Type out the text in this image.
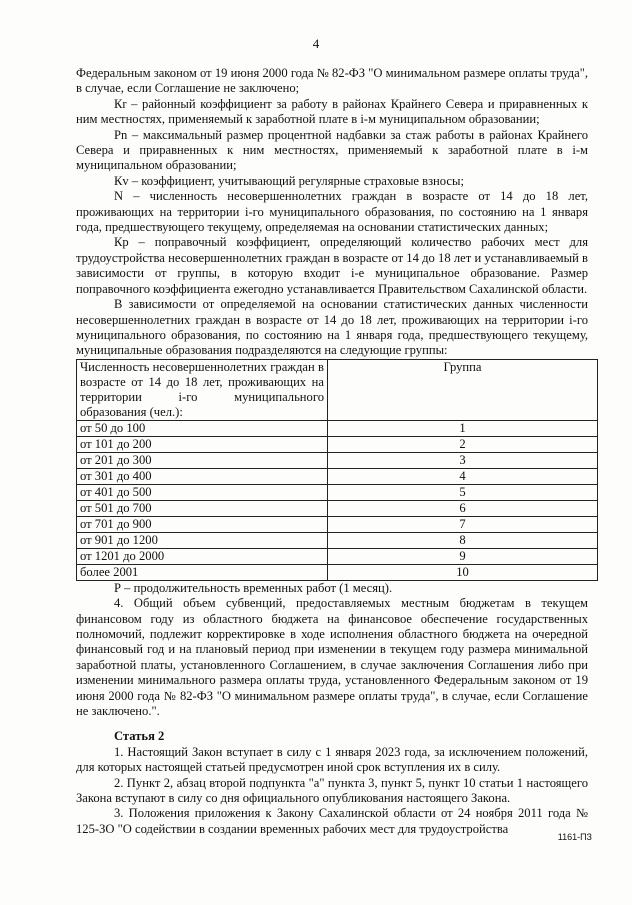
4

Федеральным законом от 19 июня 2000 года № 82-ФЗ "О минимальном размере оплаты труда", в случае, если Соглашение не заключено;

Кr – районный коэффициент за работу в районах Крайнего Севера и приравненных к ним местностях, применяемый к заработной плате в i-м муниципальном образовании;

Рn – максимальный размер процентной надбавки за стаж работы в районах Крайнего Севера и приравненных к ним местностях, применяемый к заработной плате в i-м муниципальном образовании;

Кv – коэффициент, учитывающий регулярные страховые взносы;

N – численность несовершеннолетних граждан в возрасте от 14 до 18 лет, проживающих на территории i-го муниципального образования, по состоянию на 1 января года, предшествующего текущему, определяемая на основании статистических данных;

Кр – поправочный коэффициент, определяющий количество рабочих мест для трудоустройства несовершеннолетних граждан в возрасте от 14 до 18 лет и устанавливаемый в зависимости от группы, в которую входит i-е муниципальное образование. Размер поправочного коэффициента ежегодно устанавливается Правительством Сахалинской области.

В зависимости от определяемой на основании статистических данных численности несовершеннолетних граждан в возрасте от 14 до 18 лет, проживающих на территории i-го муниципального образования, по состоянию на 1 января года, предшествующего текущему, муниципальные образования подразделяются на следующие группы:

Численность несовершеннолетних граждан в возрасте от 14 до 18 лет, проживающих на территории i-го муниципального образования (чел.):	Группа
от 50 до 100	1
от 101 до 200	2
от 201 до 300	3
от 301 до 400	4
от 401 до 500	5
от 501 до 700	6
от 701 до 900	7
от 901 до 1200	8
от 1201 до 2000	9
более 2001	10

Р – продолжительность временных работ (1 месяц).

4. Общий объем субвенций, предоставляемых местным бюджетам в текущем финансовом году из областного бюджета на финансовое обеспечение государственных полномочий, подлежит корректировке в ходе исполнения областного бюджета на очередной финансовый год и на плановый период при изменении в текущем году размера минимальной заработной платы, установленного Соглашением, в случае заключения Соглашения либо при изменении минимального размера оплаты труда, установленного Федеральным законом от 19 июня 2000 года № 82-ФЗ "О минимальном размере оплаты труда", в случае, если Соглашение не заключено.".

Статья 2

1. Настоящий Закон вступает в силу с 1 января 2023 года, за исключением положений, для которых настоящей статьей предусмотрен иной срок вступления их в силу.

2. Пункт 2, абзац второй подпункта "а" пункта 3, пункт 5, пункт 10 статьи 1 настоящего Закона вступают в силу со дня официального опубликования настоящего Закона.

3. Положения приложения к Закону Сахалинской области от 24 ноября 2011 года № 125-ЗО "О содействии в создании временных рабочих мест для трудоустройства

1161-ПЗ
